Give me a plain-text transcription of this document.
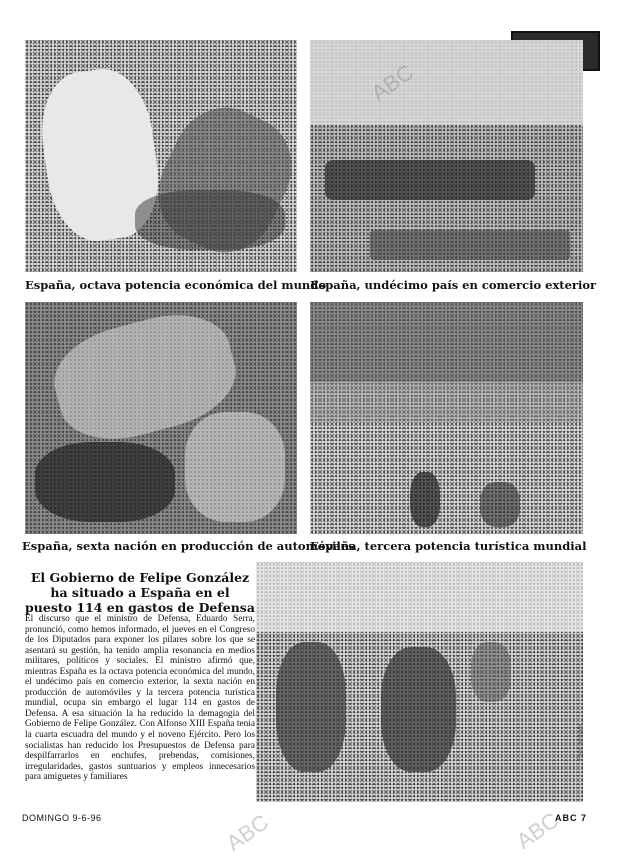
España, octava potencia económica del mundo
España, undécimo país en comercio exterior
España, sexta nación en producción de automóviles
España, tercera potencia turística mundial
El Gobierno de Felipe González ha situado a España en el puesto 114 en gastos de Defensa
El discurso que el ministro de Defensa, Eduardo Serra, pronunció, como hemos informado, el jueves en el Congreso de los Diputados para exponer los pilares sobre los que se asentará su gestión, ha tenido amplia resonancia en medios militares, políticos y sociales. El ministro afirmó que, mientras España es la octava potencia económica del mundo, el undécimo país en comercio exterior, la sexta nación en producción de automóviles y la tercera potencia turística mundial, ocupa sin embargo el lugar 114 en gastos de Defensa. A esa situación la ha reducido la demagogia del Gobierno de Felipe González. Con Alfonso XIII España tenía la cuarta escuadra del mundo y el noveno Ejército. Pero los socialistas han reducido los Presupuestos de Defensa para despilfarrarlos en enchufes, prebendas, comisiones, irregularidades, gastos suntuarios y empleos innecesarios para amiguetes y familiares
Foto: Archivo
DOMINGO 9-6-96	ABC 7
ABC
ABC	ABC
